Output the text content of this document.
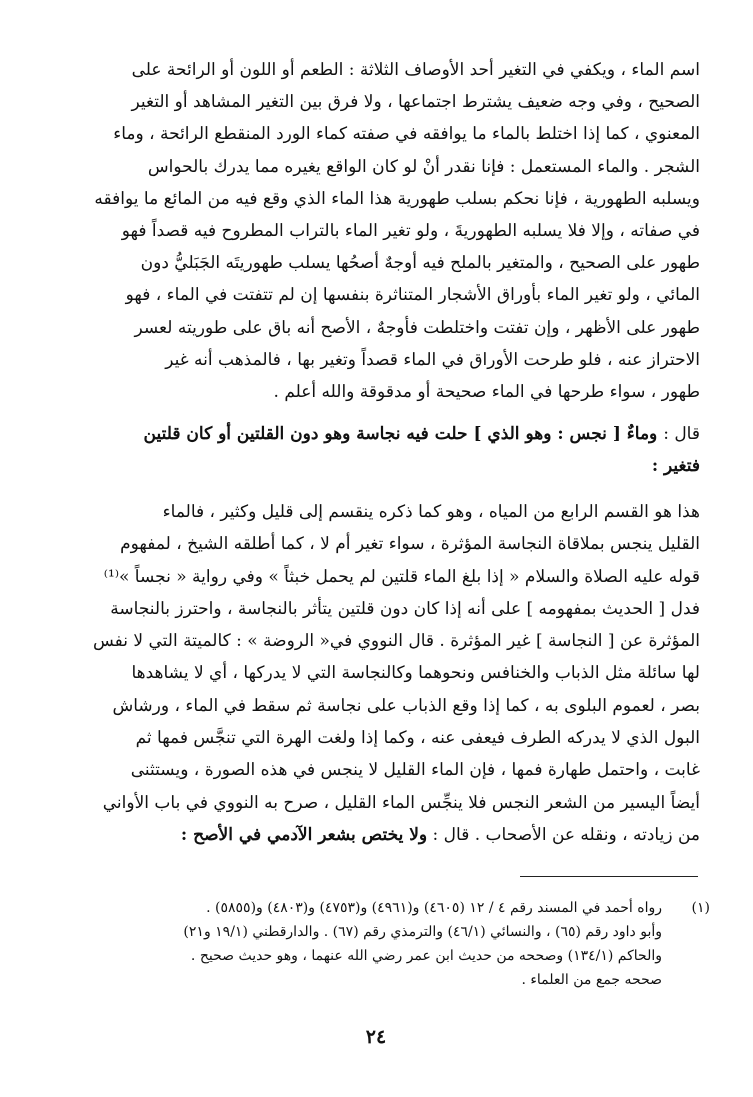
اسم الماء ، ويكفي في التغير أحد الأوصاف الثلاثة : الطعم أو اللون أو الرائحة على
الصحيح ، وفي وجه ضعيف يشترط اجتماعها ، ولا فرق بين التغير المشاهد أو التغير
المعنوي ، كما إذا اختلط بالماء ما يوافقه في صفته كماء الورد المنقطع الرائحة ، وماء
الشجر . والماء المستعمل : فإنا نقدر أنْ لو كان الواقع يغيره مما يدرك بالحواس
ويسلبه الطهورية ، فإنا نحكم بسلب طهورية هذا الماء الذي وقع فيه من المائع ما يوافقه
في صفاته ، وإلا فلا يسلبه الطهوريةَ ، ولو تغير الماء بالتراب المطروح فيه قصداً فهو
طهور على الصحيح ، والمتغير بالملح فيه أوجهٌ أصحُها يسلب طهوريتَه الجَبَليُّ دون
المائي ، ولو تغير الماء بأوراق الأشجار المتناثرة بنفسها إن لم تتفتت في الماء ، فهو
طهور على الأظهر ، وإن تفتت واختلطت فأوجهٌ ، الأصح أنه باق على طوريته لعسر
الاحتراز عنه ، فلو طرحت الأوراق في الماء قصداً وتغير بها ، فالمذهب أنه غير
طهور ، سواء طرحها في الماء صحيحة أو مدقوقة والله أعلم .
قال : وماءٌ [ نجس : وهو الذي ] حلت فيه نجاسة وهو دون القلتين أو كان قلتين
فتغير :
هذا هو القسم الرابع من المياه ، وهو كما ذكره ينقسم إلى قليل وكثير ، فالماء
القليل ينجس بملاقاة النجاسة المؤثرة ، سواء تغير أم لا ، كما أطلقه الشيخ ، لمفهوم
قوله عليه الصلاة والسلام « إذا بلغ الماء قلتين لم يحمل خبثاً » وفي رواية « نجساً »⁽¹⁾
فدل [ الحديث بمفهومه ] على أنه إذا كان دون قلتين يتأثر بالنجاسة ، واحترز بالنجاسة
المؤثرة عن [ النجاسة ] غير المؤثرة . قال النووي في« الروضة » : كالميتة التي لا نفس
لها سائلة مثل الذباب والخنافس ونحوهما وكالنجاسة التي لا يدركها ، أي لا يشاهدها
بصر ، لعموم البلوى به ، كما إذا وقع الذباب على نجاسة ثم سقط في الماء ، ورشاش
البول الذي لا يدركه الطرف فيعفى عنه ، وكما إذا ولغت الهرة التي تنجَّس فمها ثم
غابت ، واحتمل طهارة فمها ، فإن الماء القليل لا ينجس في هذه الصورة ، ويستثنى
أيضاً اليسير من الشعر النجس فلا ينجِّس الماء القليل ، صرح به النووي في باب الأواني
من زيادته ، ونقله عن الأصحاب . قال : ولا يختص بشعر الآدمي في الأصح :
(١)
رواه أحمد في المسند رقم ٤ / ١٢ (٤٦٠٥) و(٤٩٦١) و(٤٧٥٣) و(٤٨٠٣) و(٥٨٥٥) .
وأبو داود رقم (٦٥) ، والنسائي (٤٦/١) والترمذي رقم (٦٧) . والدارقطني (١٩/١ و٢١)
والحاكم (١٣٤/١) وصححه من حديث ابن عمر رضي الله عنهما ، وهو حديث صحيح .
صححه جمع من العلماء .
٢٤
